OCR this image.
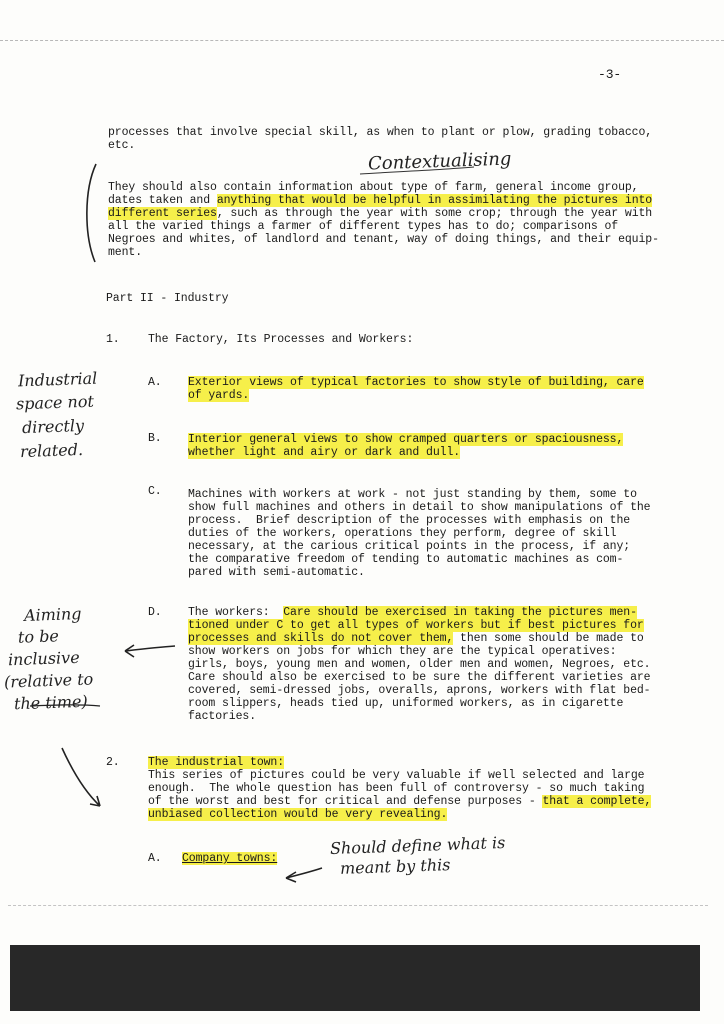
-3-
processes that involve special skill, as when to plant or plow, grading tobacco,
etc.
Contextualising
They should also contain information about type of farm, general income group,
dates taken and anything that would be helpful in assimilating the pictures into
different series, such as through the year with some crop; through the year with
all the varied things a farmer of different types has to do; comparisons of
Negroes and whites, of landlord and tenant, way of doing things, and their equip-
ment.
Part II - Industry
1. The Factory, Its Processes and Workers:
A. Exterior views of typical factories to show style of building, care
of yards.
Industrial
space not
directly
related.
B. Interior general views to show cramped quarters or spaciousness,
whether light and airy or dark and dull.
C. Machines with workers at work - not just standing by them, some to
show full machines and others in detail to show manipulations of the
process.  Brief description of the processes with emphasis on the
duties of the workers, operations they perform, degree of skill
necessary, at the carious critical points in the process, if any;
the comparative freedom of tending to automatic machines as com-
pared with semi-automatic.
D. The workers:  Care should be exercised in taking the pictures men-
tioned under C to get all types of workers but if best pictures for
processes and skills do not cover them, then some should be made to
show workers on jobs for which they are the typical operatives:
girls, boys, young men and women, older men and women, Negroes, etc.
Care should also be exercised to be sure the different varieties are
covered, semi-dressed jobs, overalls, aprons, workers with flat bed-
room slippers, heads tied up, uniformed workers, as in cigarette
factories.
Aiming
to be
inclusive
(relative to
the time)
2. The industrial town:
This series of pictures could be very valuable if well selected and large
enough.  The whole question has been full of controversy - so much taking
of the worst and best for critical and defense purposes - that a complete,
unbiased collection would be very revealing.
A. Company towns:
Should define what is
meant by this
